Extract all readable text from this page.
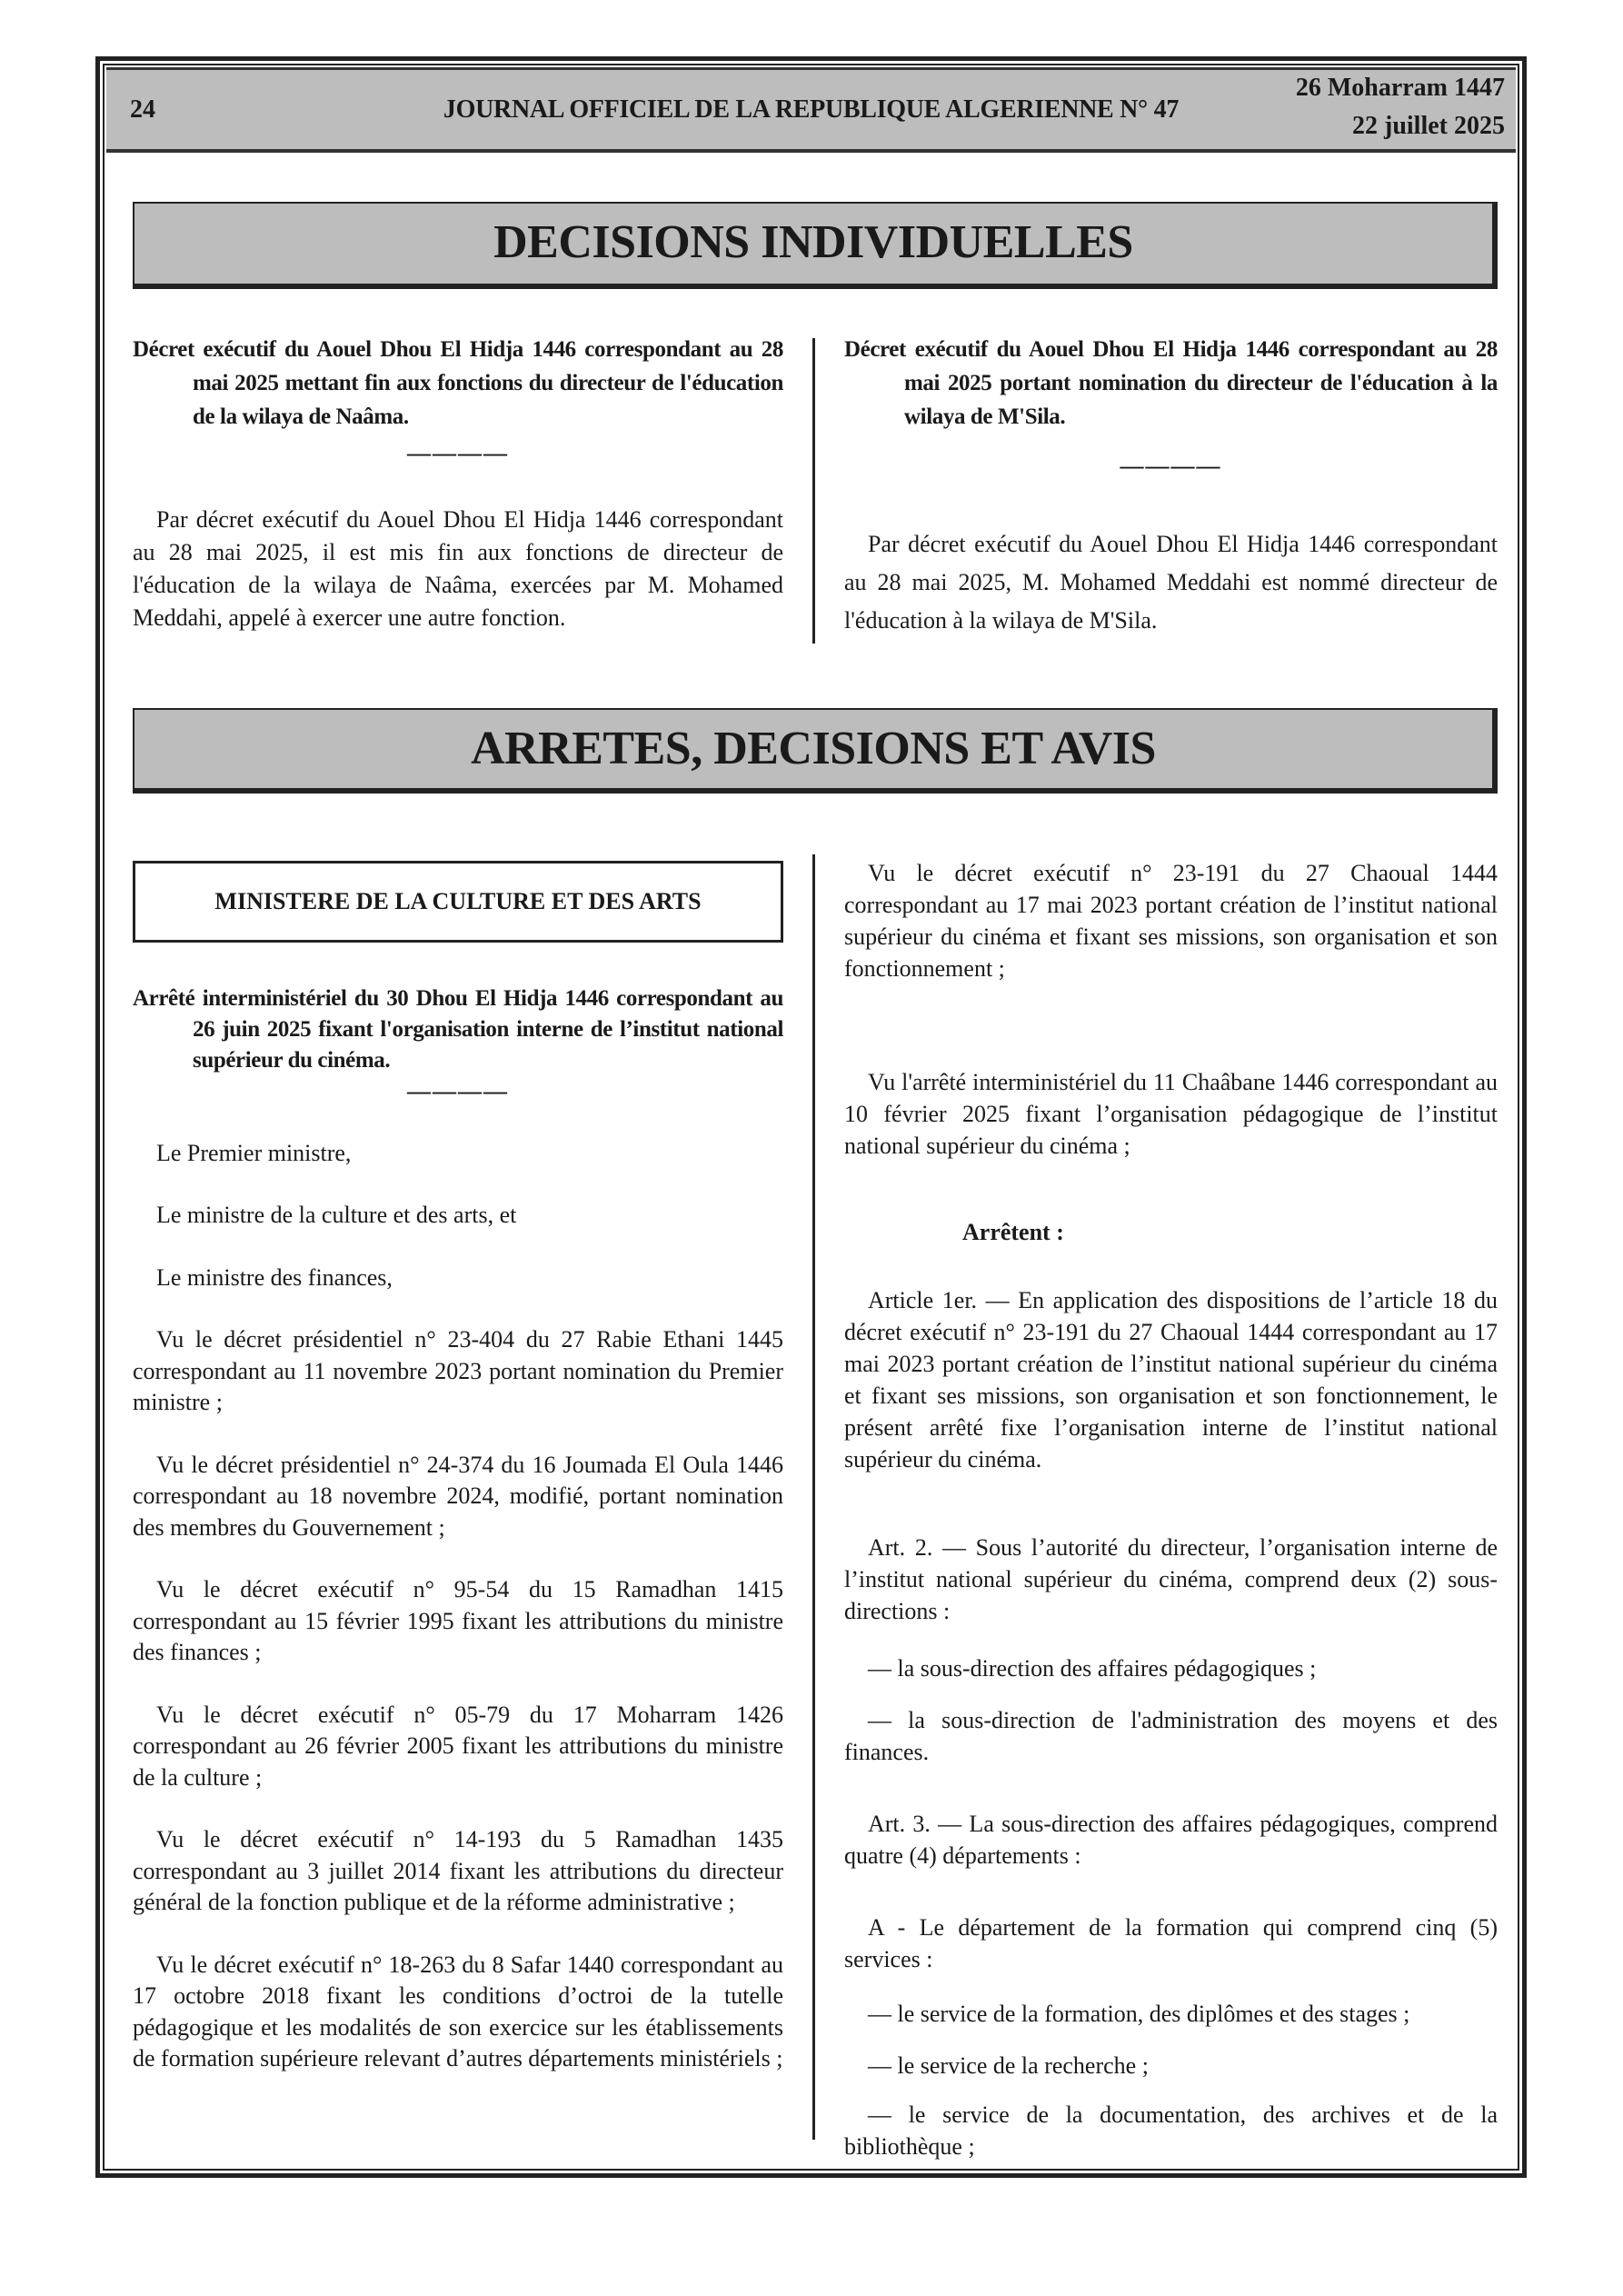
24	JOURNAL OFFICIEL DE LA REPUBLIQUE ALGERIENNE N° 47
26 Moharram 1447
22 juillet 2025
DECISIONS INDIVIDUELLES

Décret exécutif du Aouel Dhou El Hidja 1446 correspondant au 28 mai 2025 mettant fin aux fonctions du directeur de l'éducation de la wilaya de Naâma.

————

Par décret exécutif du Aouel Dhou El Hidja 1446 correspondant au 28 mai 2025, il est mis fin aux fonctions de directeur de l'éducation de la wilaya de Naâma, exercées par M. Mohamed Meddahi, appelé à exercer une autre fonction.

Décret exécutif du Aouel Dhou El Hidja 1446 correspondant au 28 mai 2025 portant nomination du directeur de l'éducation à la wilaya de M'Sila.

————

Par décret exécutif du Aouel Dhou El Hidja 1446 correspondant au 28 mai 2025, M. Mohamed Meddahi est nommé directeur de l'éducation à la wilaya de M'Sila.

ARRETES, DECISIONS ET AVIS
MINISTERE DE LA CULTURE ET DES ARTS

Arrêté interministériel du 30 Dhou El Hidja 1446 correspondant au 26 juin 2025 fixant l'organisation interne de l’institut national supérieur du cinéma.

————

Le Premier ministre,

Le ministre de la culture et des arts, et

Le ministre des finances,

Vu le décret présidentiel n° 23-404 du 27 Rabie Ethani 1445 correspondant au 11 novembre 2023 portant nomination du Premier ministre ;

Vu le décret présidentiel n° 24-374 du 16 Joumada El Oula 1446 correspondant au 18 novembre 2024, modifié, portant nomination des membres du Gouvernement ;

Vu le décret exécutif n° 95-54 du 15 Ramadhan 1415 correspondant au 15 février 1995 fixant les attributions du ministre des finances ;

Vu le décret exécutif n° 05-79 du 17 Moharram 1426 correspondant au 26 février 2005 fixant les attributions du ministre de la culture ;

Vu le décret exécutif n° 14-193 du 5 Ramadhan 1435 correspondant au 3 juillet 2014 fixant les attributions du directeur général de la fonction publique et de la réforme administrative ;

Vu le décret exécutif n° 18-263 du 8 Safar 1440 correspondant au 17 octobre 2018 fixant les conditions d’octroi de la tutelle pédagogique et les modalités de son exercice sur les établissements de formation supérieure relevant d’autres départements ministériels ;

Vu le décret exécutif n° 23-191 du 27 Chaoual 1444 correspondant au 17 mai 2023 portant création de l’institut national supérieur du cinéma et fixant ses missions, son organisation et son fonctionnement ;

Vu l'arrêté interministériel du 11 Chaâbane 1446 correspondant au 10 février 2025 fixant l’organisation pédagogique de l’institut national supérieur du cinéma ;

Arrêtent :

Article 1er. — En application des dispositions de l’article 18 du décret exécutif n° 23-191 du 27 Chaoual 1444 correspondant au 17 mai 2023 portant création de l’institut national supérieur du cinéma et fixant ses missions, son organisation et son fonctionnement, le présent arrêté fixe l’organisation interne de l’institut national supérieur du cinéma.

Art. 2. — Sous l’autorité du directeur, l’organisation interne de l’institut national supérieur du cinéma, comprend deux (2) sous-directions :

— la sous-direction des affaires pédagogiques ;

— la sous-direction de l'administration des moyens et des finances.

Art. 3. — La sous-direction des affaires pédagogiques, comprend quatre (4) départements :

A - Le département de la formation qui comprend cinq (5) services :

— le service de la formation, des diplômes et des stages ;

— le service de la recherche ;

— le service de la documentation, des archives et de la bibliothèque ;
